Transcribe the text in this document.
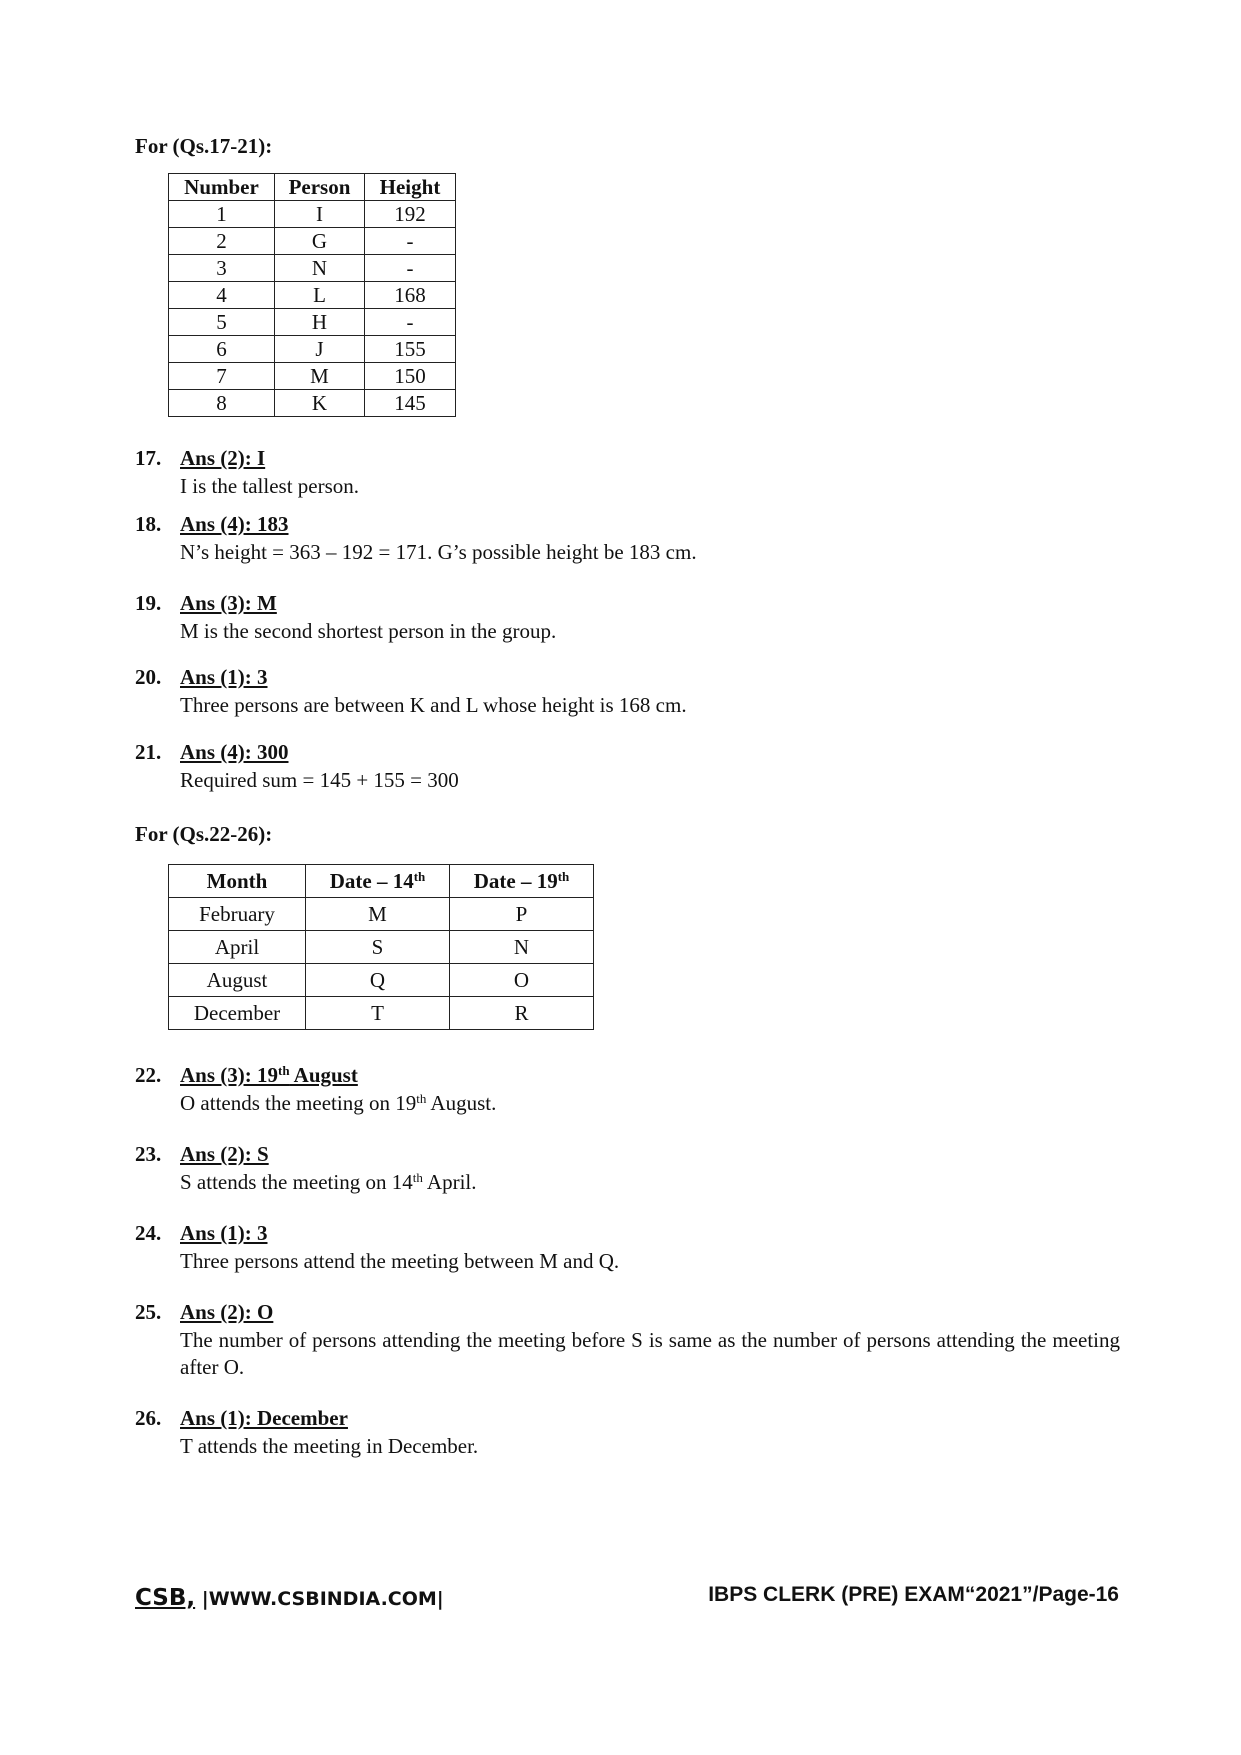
For (Qs.17-21):
Number	Person	Height
1	I	192
2	G	-
3	N	-
4	L	168
5	H	-
6	J	155
7	M	150
8	K	145
17. Ans (2): I
I is the tallest person.
18. Ans (4): 183
N’s height = 363 – 192 = 171. G’s possible height be 183 cm.
19. Ans (3): M
M is the second shortest person in the group.
20. Ans (1): 3
Three persons are between K and L whose height is 168 cm.
21. Ans (4): 300
Required sum = 145 + 155 = 300
For (Qs.22-26):
Month	Date – 14th	Date – 19th
February	M	P
April	S	N
August	Q	O
December	T	R
22. Ans (3): 19th August
O attends the meeting on 19th August.
23. Ans (2): S
S attends the meeting on 14th April.
24. Ans (1): 3
Three persons attend the meeting between M and Q.
25. Ans (2): O
The number of persons attending the meeting before S is same as the number of persons attending the meeting after O.
26. Ans (1): December
T attends the meeting in December.
CSB, |WWW.CSBINDIA.COM|	IBPS CLERK (PRE) EXAM“2021”/Page-16
